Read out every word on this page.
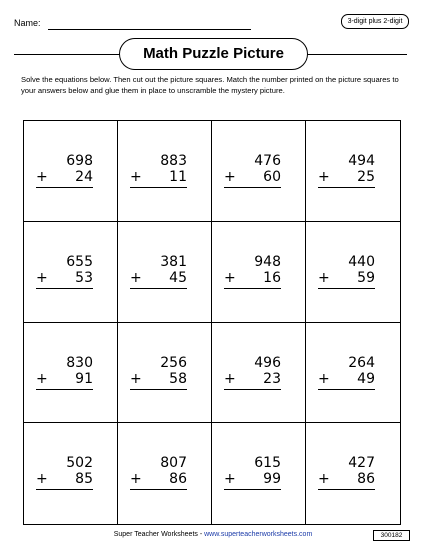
Name:	3-digit plus 2-digit
Math Puzzle Picture
Solve the equations below. Then cut out the picture squares. Match the number printed on the picture squares to your answers below and glue them in place to unscramble the mystery picture.
698
+ 24
883
+ 11
476
+ 60
494
+ 25
655
+ 53
381
+ 45
948
+ 16
440
+ 59
830
+ 91
256
+ 58
496
+ 23
264
+ 49
502
+ 85
807
+ 86
615
+ 99
427
+ 86
Super Teacher Worksheets - www.superteacherworksheets.com	300182
